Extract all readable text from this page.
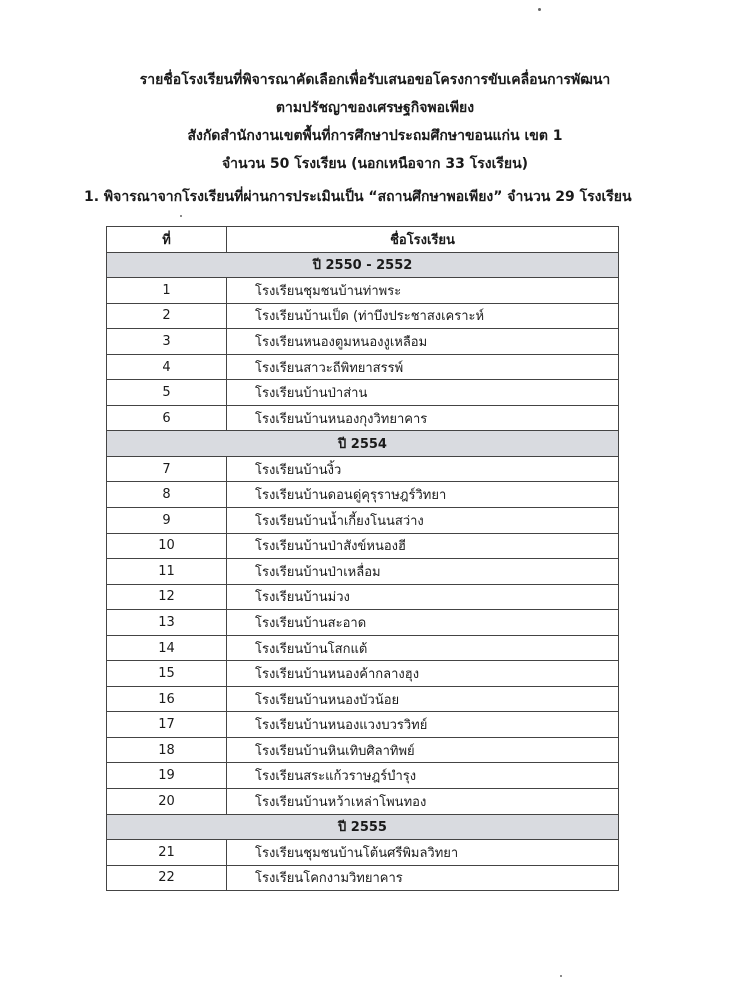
รายชื่อโรงเรียนที่พิจารณาคัดเลือกเพื่อรับเสนอขอโครงการขับเคลื่อนการพัฒนา
ตามปรัชญาของเศรษฐกิจพอเพียง
สังกัดสำนักงานเขตพื้นที่การศึกษาประถมศึกษาขอนแก่น เขต 1
จำนวน 50 โรงเรียน (นอกเหนือจาก 33 โรงเรียน)
1. พิจารณาจากโรงเรียนที่ผ่านการประเมินเป็น “สถานศึกษาพอเพียง” จำนวน 29 โรงเรียน
ที่	ชื่อโรงเรียน
ปี 2550 - 2552	
1	โรงเรียนชุมชนบ้านท่าพระ
2	โรงเรียนบ้านเป็ด (ท่าบึงประชาสงเคราะห์
3	โรงเรียนหนองตูมหนองงูเหลือม
4	โรงเรียนสาวะถีพิทยาสรรพ์
5	โรงเรียนบ้านป่าส่าน
6	โรงเรียนบ้านหนองกุงวิทยาคาร
ปี 2554	
7	โรงเรียนบ้านงิ้ว
8	โรงเรียนบ้านดอนดู่คุรุราษฎร์วิทยา
9	โรงเรียนบ้านน้ำเกี้ยงโนนสว่าง
10	โรงเรียนบ้านป่าสังข์หนองฮี
11	โรงเรียนบ้านป่าเหลื่อม
12	โรงเรียนบ้านม่วง
13	โรงเรียนบ้านสะอาด
14	โรงเรียนบ้านโสกแต้
15	โรงเรียนบ้านหนองค้ากลางฮุง
16	โรงเรียนบ้านหนองบัวน้อย
17	โรงเรียนบ้านหนองแวงบวรวิทย์
18	โรงเรียนบ้านหินเทิบศิลาทิพย์
19	โรงเรียนสระแก้วราษฎร์บำรุง
20	โรงเรียนบ้านหว้าเหล่าโพนทอง
ปี 2555	
21	โรงเรียนชุมชนบ้านโต้นศรีพิมลวิทยา
22	โรงเรียนโคกงามวิทยาคาร
